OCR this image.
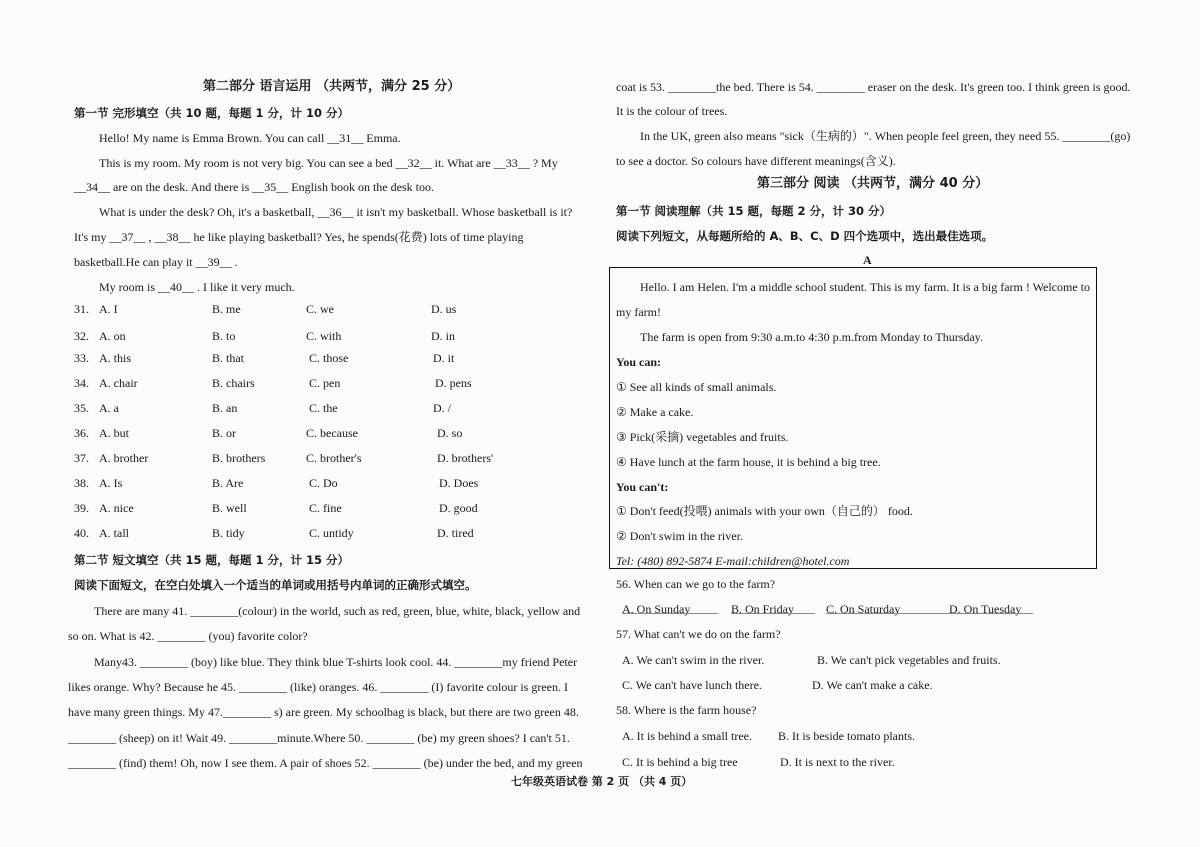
第二部分 语言运用 （共两节，满分 25 分）
第一节 完形填空（共 10 题，每题 1 分，计 10 分）
Hello! My name is Emma Brown. You can call __31__ Emma.
This is my room. My room is not very big. You can see a bed __32__ it. What are __33__ ? My
__34__ are on the desk. And there is __35__ English book on the desk too.
What is under the desk? Oh, it's a basketball, __36__ it isn't my basketball. Whose basketball is it?
It's my __37__ , __38__ he like playing basketball? Yes, he spends(花费) lots of time playing
basketball.He can play it __39__ .
My room is __40__ . I like it very much.
31. A. I	B. me	C. we	D. us
32. A. on	B. to	C. with	D. in
33. A. this	B. that	C. those	D. it
34. A. chair	B. chairs	C. pen	D. pens
35. A. a	B. an	C. the	D. /
36. A. but	B. or	C. because	D. so
37. A. brother	B. brothers	C. brother's	D. brothers'
38. A. Is	B. Are	C. Do	D. Does
39. A. nice	B. well	C. fine	D. good
40. A. tall	B. tidy	C. untidy	D. tired
第二节 短文填空（共 15 题，每题 1 分，计 15 分）
阅读下面短文，在空白处填入一个适当的单词或用括号内单词的正确形式填空。
There are many 41. ________(colour) in the world, such as red, green, blue, white, black, yellow and
so on. What is 42. ________ (you) favorite color?
Many43. ________ (boy) like blue. They think blue T-shirts look cool. 44. ________my friend Peter
likes orange. Why? Because he 45. ________ (like) oranges. 46. ________ (I) favorite colour is green. I
have many green things. My 47.________ s) are green. My schoolbag is black, but there are two green 48.
________ (sheep) on it! Wait 49. ________minute.Where 50. ________ (be) my green shoes? I can't 51.
________ (find) them! Oh, now I see them. A pair of shoes 52. ________ (be) under the bed, and my green
coat is 53. ________the bed. There is 54. ________ eraser on the desk. It's green too. I think green is good.
It is the colour of trees.
In the UK, green also means "sick（生病的）". When people feel green, they need 55. ________(go)
to see a doctor. So colours have different meanings(含义).
第三部分 阅读 （共两节，满分 40 分）
第一节 阅读理解（共 15 题，每题 2 分，计 30 分）
阅读下列短文，从每题所给的 A、B、C、D 四个选项中，选出最佳选项。
A
Hello. I am Helen. I'm a middle school student. This is my farm. It is a big farm ! Welcome to
my farm!
The farm is open from 9:30 a.m.to 4:30 p.m.from Monday to Thursday.
You can:
① See all kinds of small animals.
② Make a cake.
③ Pick(采摘) vegetables and fruits.
④ Have lunch at the farm house, it is behind a big tree.
You can't:
① Don't feed(投喂) animals with your own（自己的） food.
② Don't swim in the river.
Tel: (480) 892-5874 E-mail:children@hotel.com
56. When can we go to the farm?
A. On Sunday	B. On Friday	C. On Saturday	D. On Tuesday
57. What can't we do on the farm?
A. We can't swim in the river.	B. We can't pick vegetables and fruits.
C. We can't have lunch there.	D. We can't make a cake.
58. Where is the farm house?
A. It is behind a small tree. B. It is beside tomato plants.
C. It is behind a big tree	D. It is next to the river.
七年级英语试卷 第 2 页 （共 4 页）
